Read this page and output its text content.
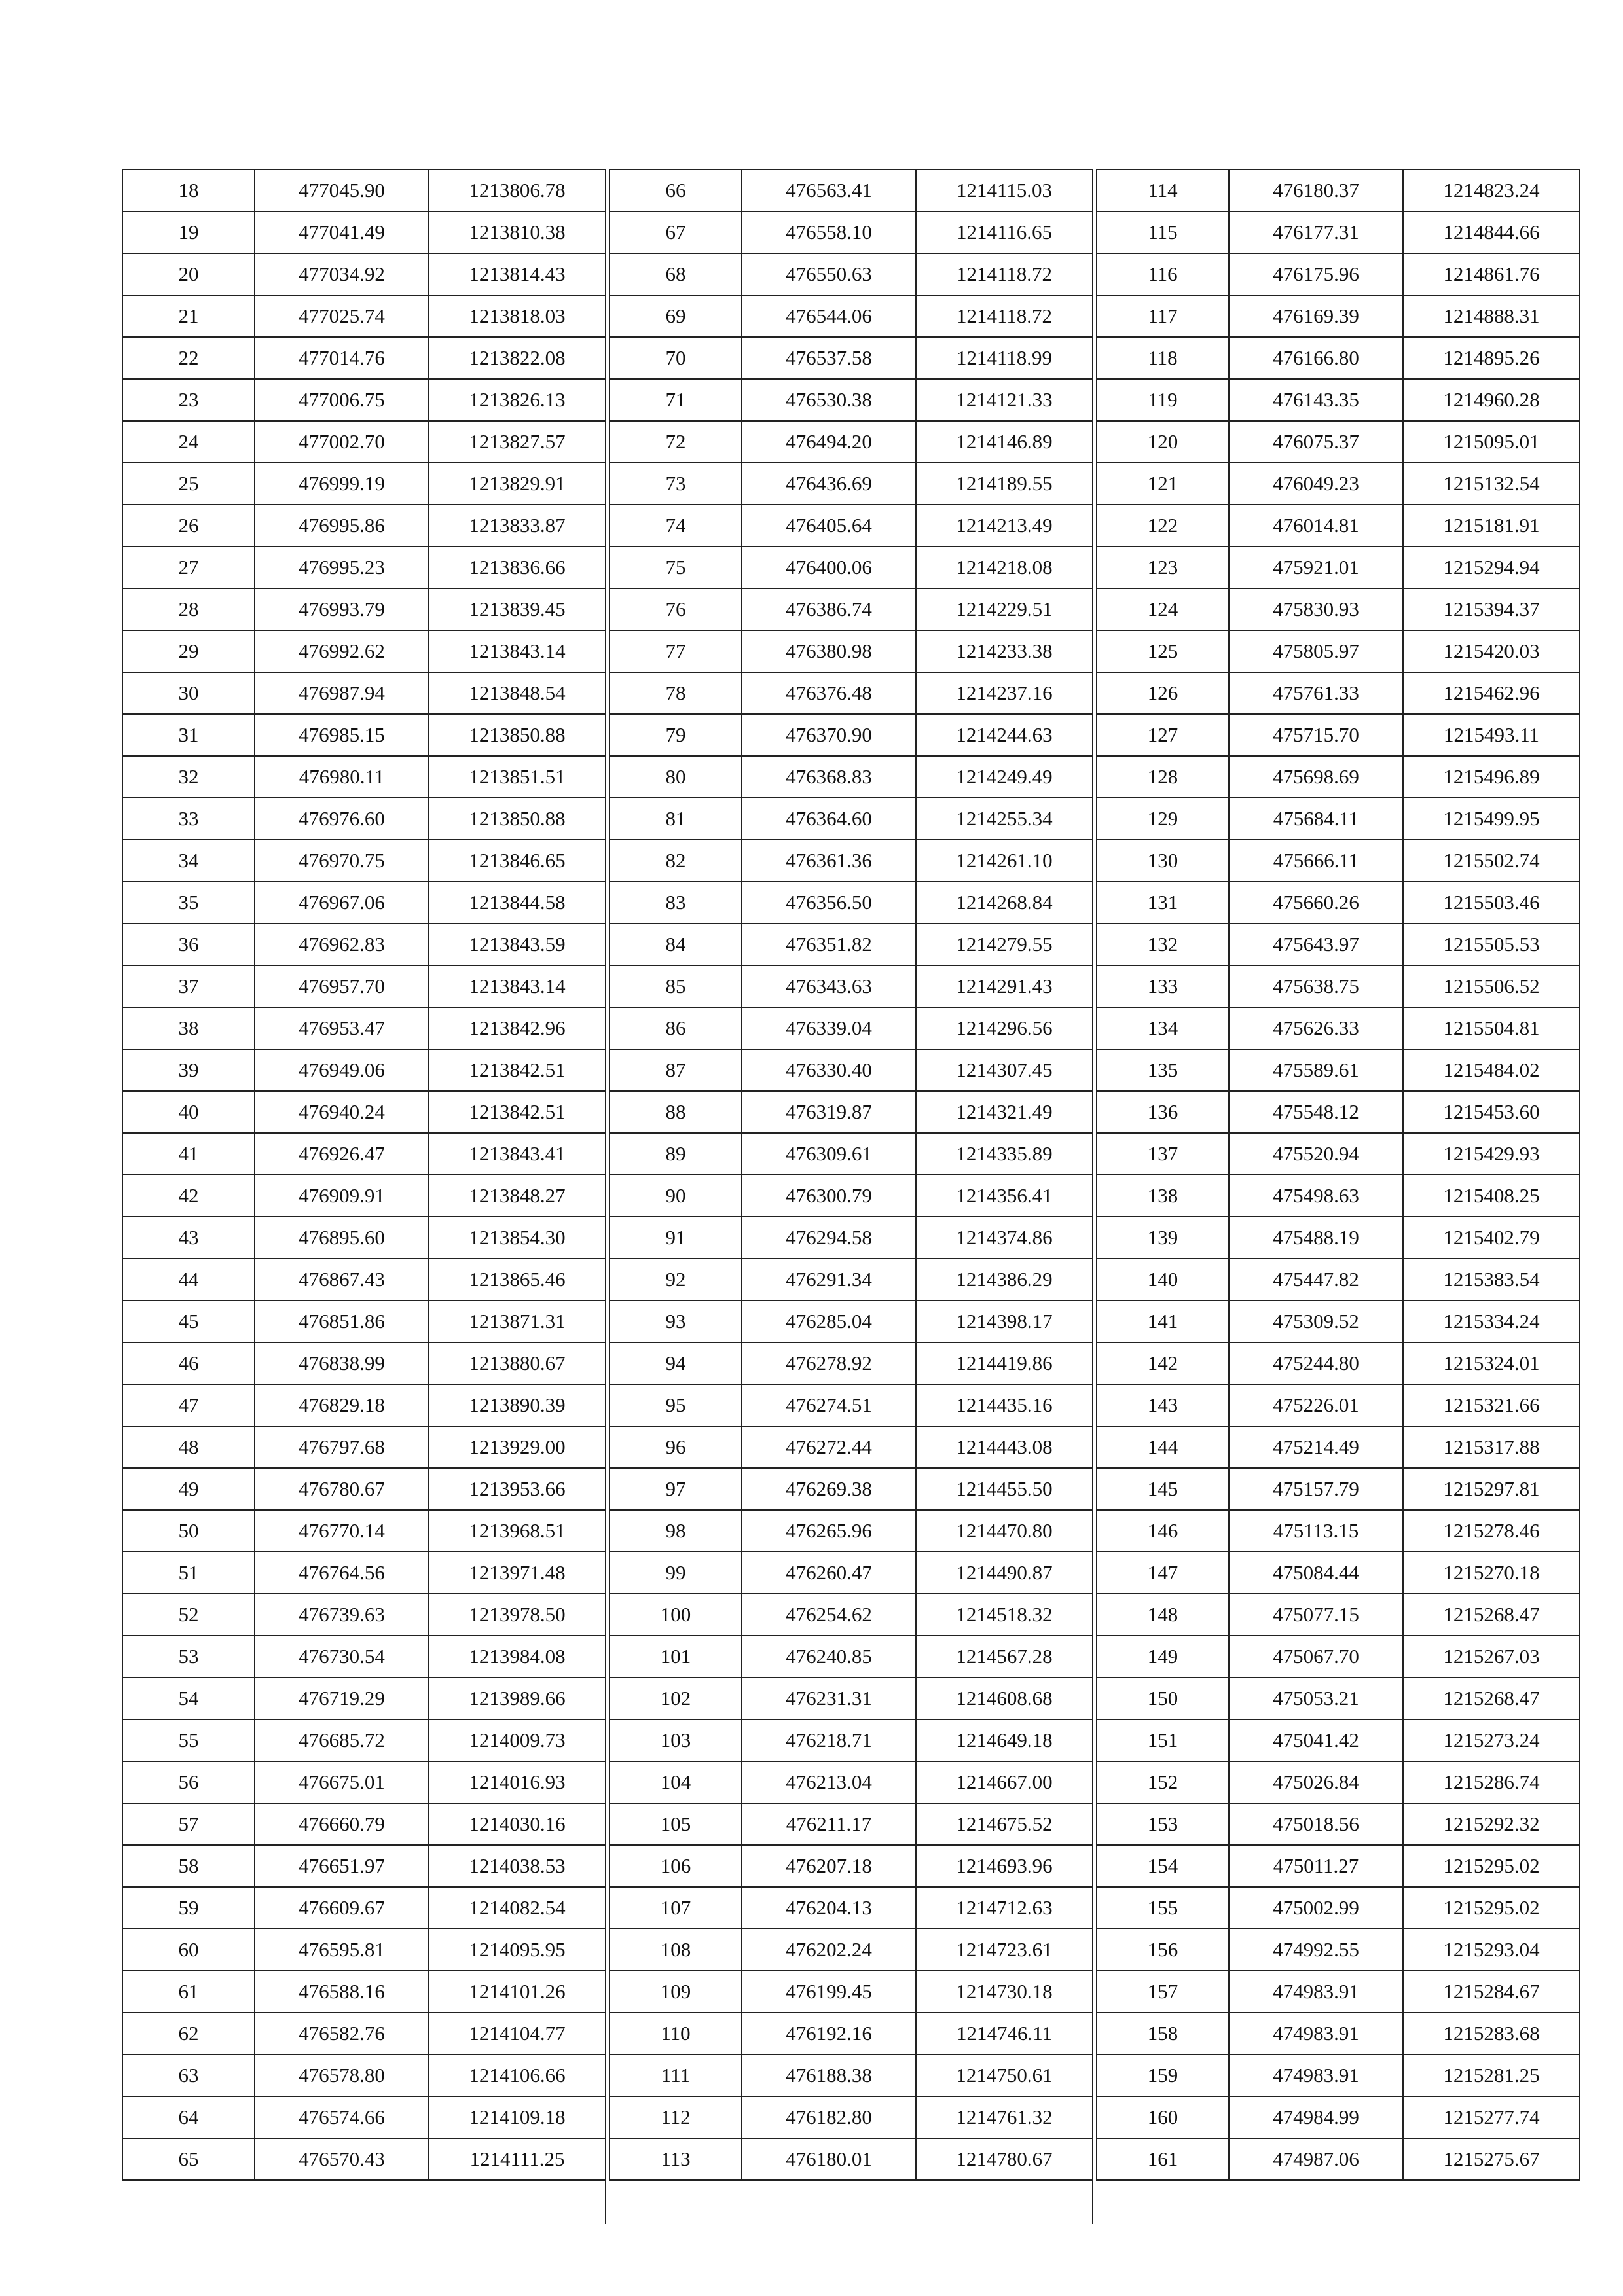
18	477045.90	1213806.78
19	477041.49	1213810.38
20	477034.92	1213814.43
21	477025.74	1213818.03
22	477014.76	1213822.08
23	477006.75	1213826.13
24	477002.70	1213827.57
25	476999.19	1213829.91
26	476995.86	1213833.87
27	476995.23	1213836.66
28	476993.79	1213839.45
29	476992.62	1213843.14
30	476987.94	1213848.54
31	476985.15	1213850.88
32	476980.11	1213851.51
33	476976.60	1213850.88
34	476970.75	1213846.65
35	476967.06	1213844.58
36	476962.83	1213843.59
37	476957.70	1213843.14
38	476953.47	1213842.96
39	476949.06	1213842.51
40	476940.24	1213842.51
41	476926.47	1213843.41
42	476909.91	1213848.27
43	476895.60	1213854.30
44	476867.43	1213865.46
45	476851.86	1213871.31
46	476838.99	1213880.67
47	476829.18	1213890.39
48	476797.68	1213929.00
49	476780.67	1213953.66
50	476770.14	1213968.51
51	476764.56	1213971.48
52	476739.63	1213978.50
53	476730.54	1213984.08
54	476719.29	1213989.66
55	476685.72	1214009.73
56	476675.01	1214016.93
57	476660.79	1214030.16
58	476651.97	1214038.53
59	476609.67	1214082.54
60	476595.81	1214095.95
61	476588.16	1214101.26
62	476582.76	1214104.77
63	476578.80	1214106.66
64	476574.66	1214109.18
65	476570.43	1214111.25
66	476563.41	1214115.03
67	476558.10	1214116.65
68	476550.63	1214118.72
69	476544.06	1214118.72
70	476537.58	1214118.99
71	476530.38	1214121.33
72	476494.20	1214146.89
73	476436.69	1214189.55
74	476405.64	1214213.49
75	476400.06	1214218.08
76	476386.74	1214229.51
77	476380.98	1214233.38
78	476376.48	1214237.16
79	476370.90	1214244.63
80	476368.83	1214249.49
81	476364.60	1214255.34
82	476361.36	1214261.10
83	476356.50	1214268.84
84	476351.82	1214279.55
85	476343.63	1214291.43
86	476339.04	1214296.56
87	476330.40	1214307.45
88	476319.87	1214321.49
89	476309.61	1214335.89
90	476300.79	1214356.41
91	476294.58	1214374.86
92	476291.34	1214386.29
93	476285.04	1214398.17
94	476278.92	1214419.86
95	476274.51	1214435.16
96	476272.44	1214443.08
97	476269.38	1214455.50
98	476265.96	1214470.80
99	476260.47	1214490.87
100	476254.62	1214518.32
101	476240.85	1214567.28
102	476231.31	1214608.68
103	476218.71	1214649.18
104	476213.04	1214667.00
105	476211.17	1214675.52
106	476207.18	1214693.96
107	476204.13	1214712.63
108	476202.24	1214723.61
109	476199.45	1214730.18
110	476192.16	1214746.11
111	476188.38	1214750.61
112	476182.80	1214761.32
113	476180.01	1214780.67
114	476180.37	1214823.24
115	476177.31	1214844.66
116	476175.96	1214861.76
117	476169.39	1214888.31
118	476166.80	1214895.26
119	476143.35	1214960.28
120	476075.37	1215095.01
121	476049.23	1215132.54
122	476014.81	1215181.91
123	475921.01	1215294.94
124	475830.93	1215394.37
125	475805.97	1215420.03
126	475761.33	1215462.96
127	475715.70	1215493.11
128	475698.69	1215496.89
129	475684.11	1215499.95
130	475666.11	1215502.74
131	475660.26	1215503.46
132	475643.97	1215505.53
133	475638.75	1215506.52
134	475626.33	1215504.81
135	475589.61	1215484.02
136	475548.12	1215453.60
137	475520.94	1215429.93
138	475498.63	1215408.25
139	475488.19	1215402.79
140	475447.82	1215383.54
141	475309.52	1215334.24
142	475244.80	1215324.01
143	475226.01	1215321.66
144	475214.49	1215317.88
145	475157.79	1215297.81
146	475113.15	1215278.46
147	475084.44	1215270.18
148	475077.15	1215268.47
149	475067.70	1215267.03
150	475053.21	1215268.47
151	475041.42	1215273.24
152	475026.84	1215286.74
153	475018.56	1215292.32
154	475011.27	1215295.02
155	475002.99	1215295.02
156	474992.55	1215293.04
157	474983.91	1215284.67
158	474983.91	1215283.68
159	474983.91	1215281.25
160	474984.99	1215277.74
161	474987.06	1215275.67
